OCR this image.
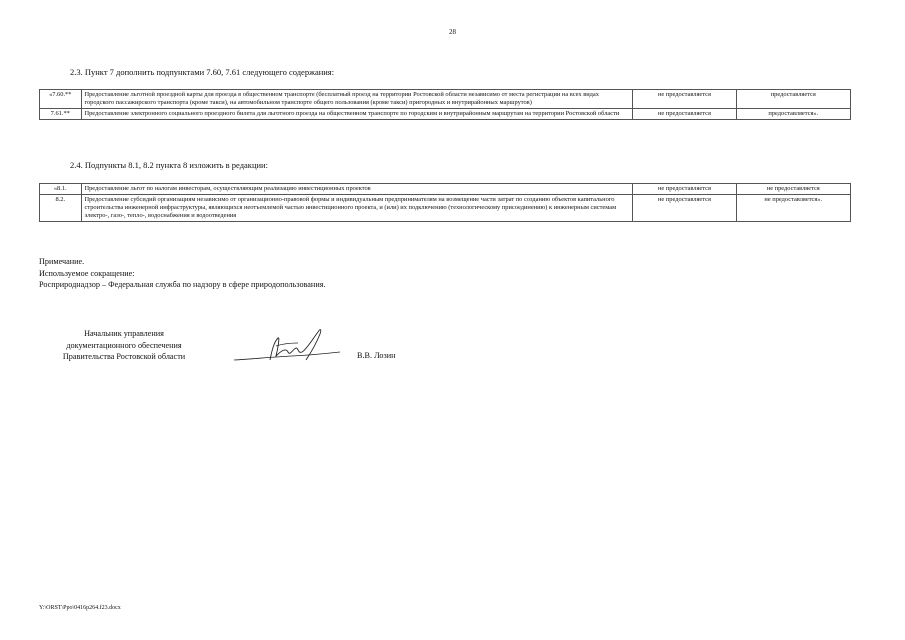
28
2.3. Пункт 7 дополнить подпунктами 7.60, 7.61 следующего содержания:
«7.60.**	Предоставление льготной проездной карты для проезда в общественном транспорте (бесплатный проезд на территории Ростовской области независимо от места регистрации на всех видах городского пассажирского транспорта (кроме такси), на автомобильном транспорте общего пользования (кроме такси) пригородных и внутрирайонных маршрутов)	не предоставляется	предоставляется
7.61.**	Предоставление электронного социального проездного билета для льготного проезда на общественном транспорте по городским и внутрирайонным маршрутам на территории Ростовской области	не предоставляется	предоставляется».
2.4. Подпункты 8.1, 8.2 пункта 8 изложить в редакции:
«8.1.	Предоставление льгот по налогам инвесторам, осуществляющим реализацию инвестиционных проектов	не предоставляется	не предоставляется
8.2.	Предоставление субсидий организациям независимо от организационно-правовой формы и индивидуальным предпринимателям на возмещение части затрат по созданию объектов капитального строительства инженерной инфраструктуры, являющихся неотъемлемой частью инвестиционного проекта, и (или) их подключению (технологическому присоединению) к инженерным системам электро-, газо-, тепло-, водоснабжения и водоотведения	не предоставляется	не предоставляется».
Примечание.
Используемое сокращение:
Росприроднадзор – Федеральная служба по надзору в сфере природопользования.
Начальник управления
документационного обеспечения
Правительства Ростовской области	В.В. Лозин
Y:\ORST\Ppo\0416p264.f23.docx
